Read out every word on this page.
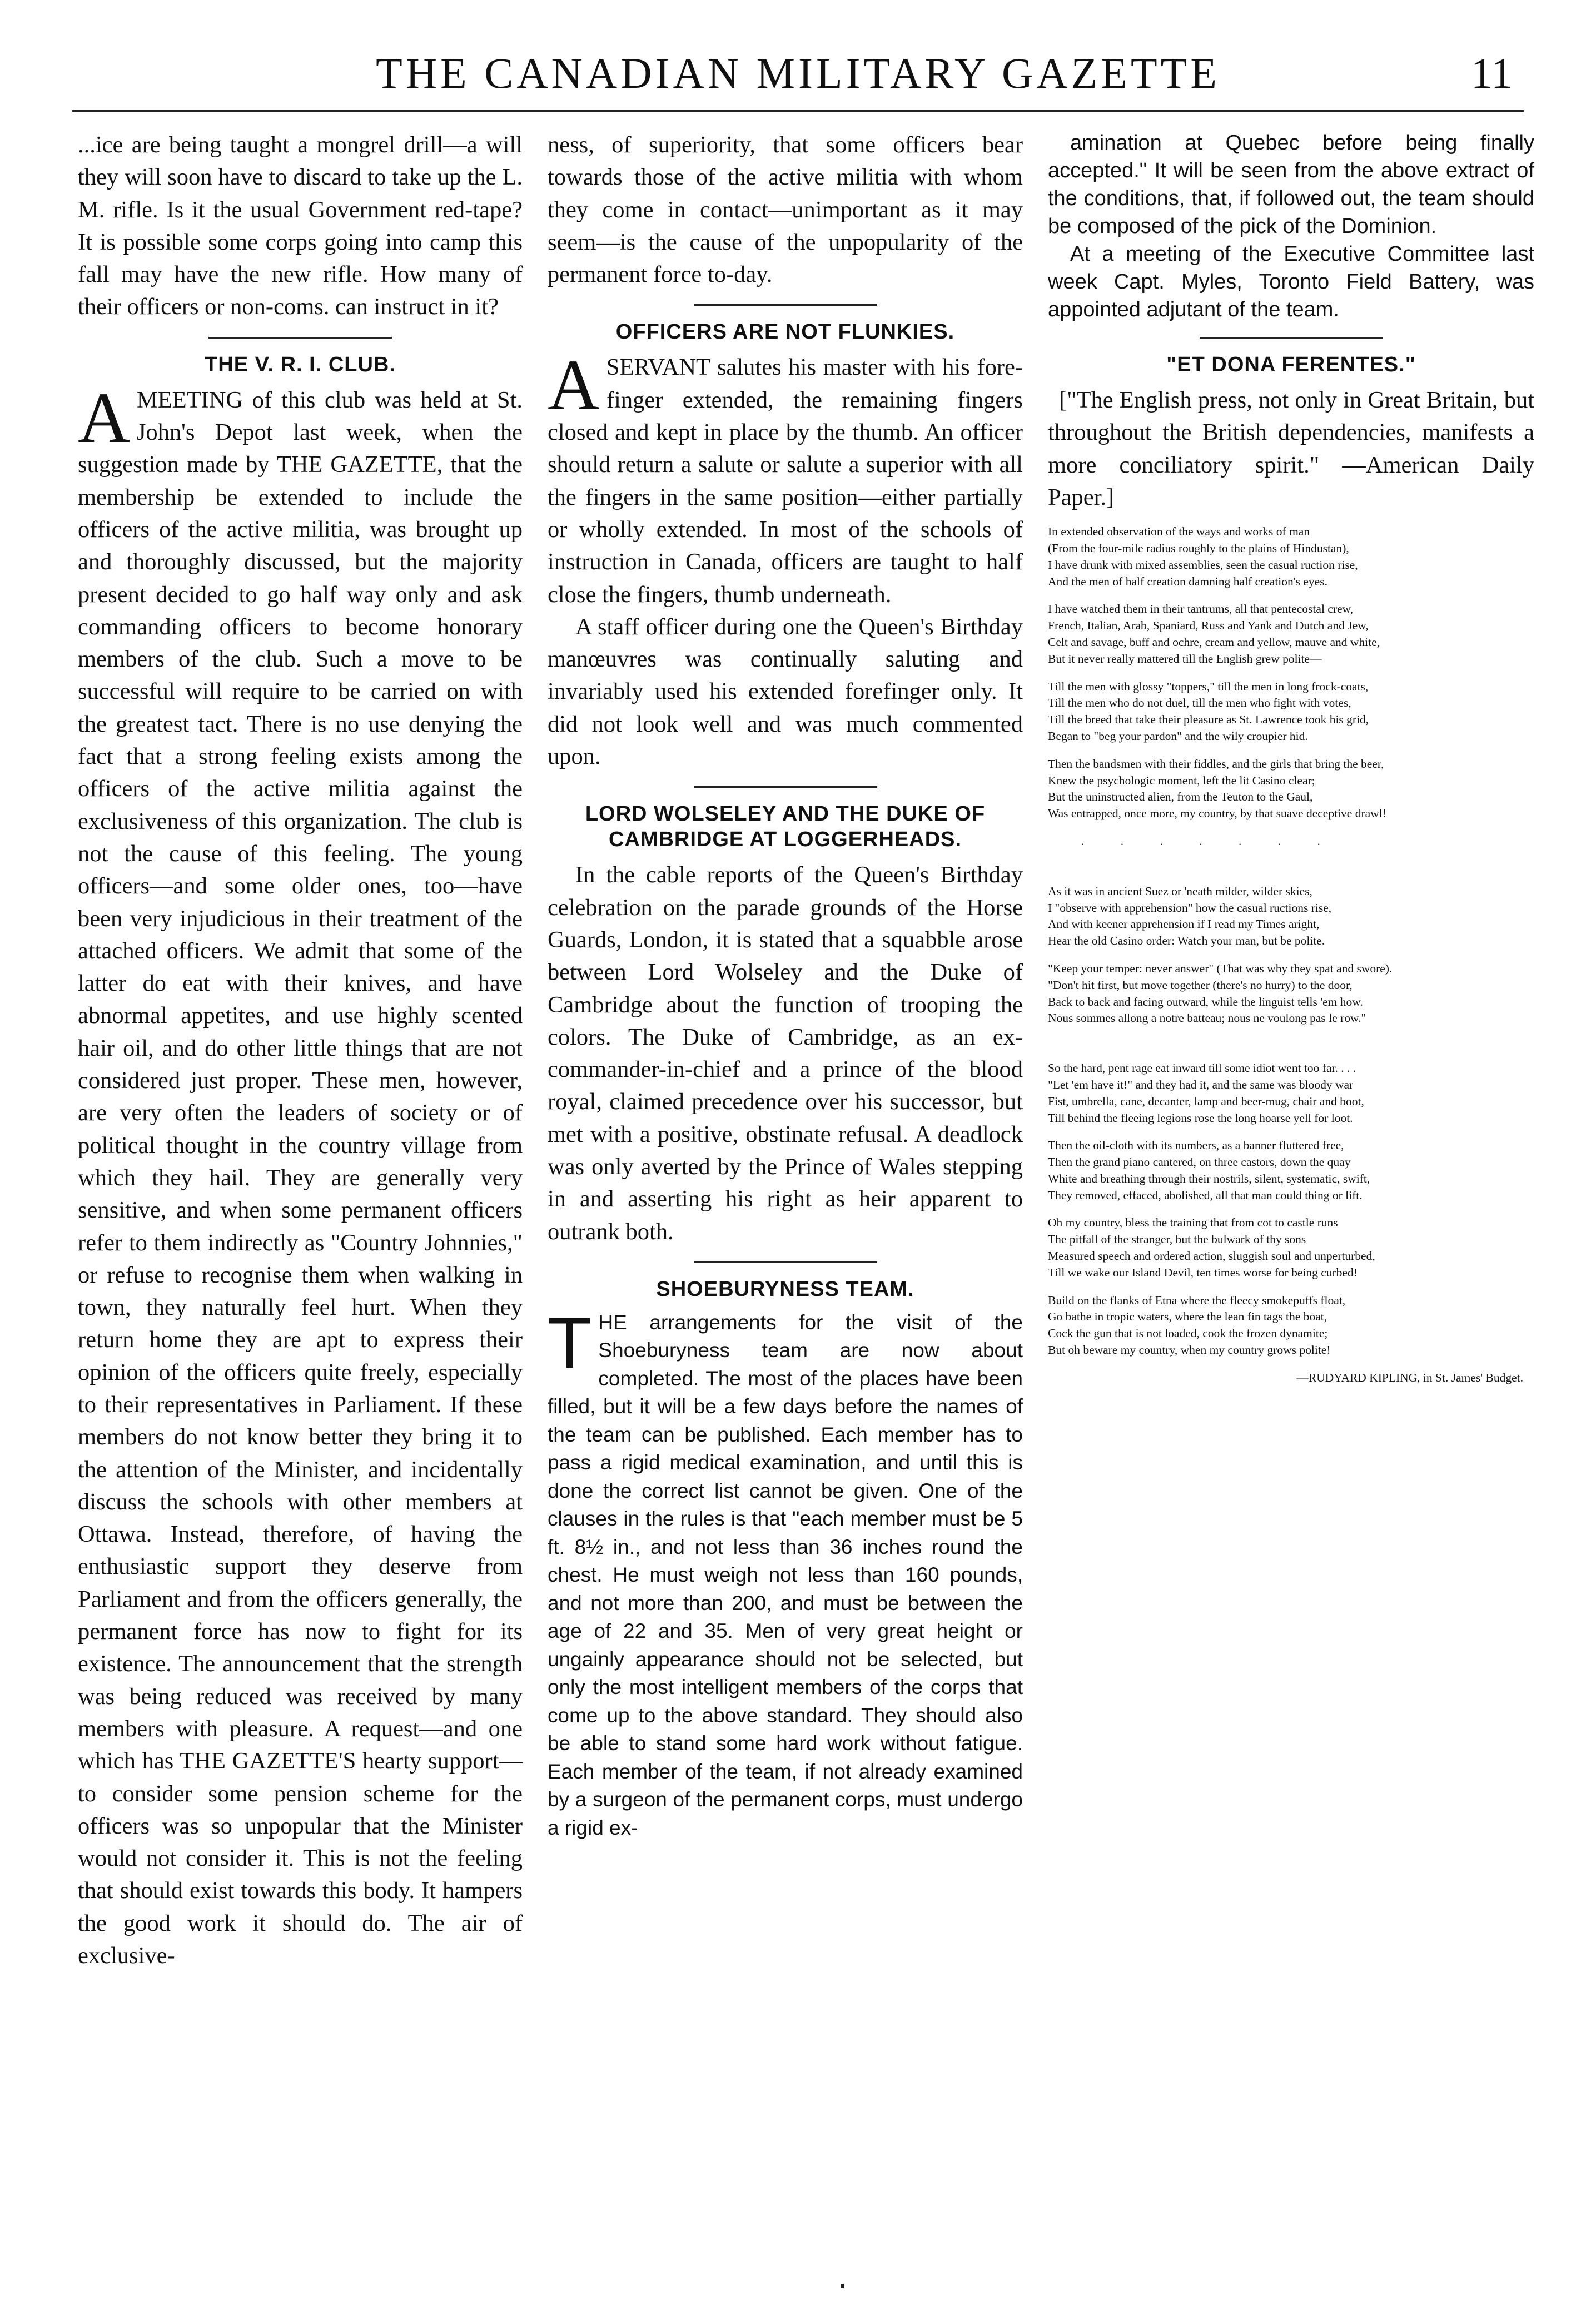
THE CANADIAN MILITARY GAZETTE	11

...ice are being taught a mongrel drill—a will they will soon have to discard to take up the L. M. rifle. Is it the usual Government red-tape? It is possible some corps going into camp this fall may have the new rifle. How many of their officers or non-coms. can instruct in it?

THE V. R. I. CLUB.

AMEETING of this club was held at St. John's Depot last week, when the suggestion made by THE GAZETTE, that the membership be extended to include the officers of the active militia, was brought up and thoroughly discussed, but the majority present decided to go half way only and ask commanding officers to become honorary members of the club. Such a move to be successful will require to be carried on with the greatest tact. There is no use denying the fact that a strong feeling exists among the officers of the active militia against the exclusiveness of this organization. The club is not the cause of this feeling. The young officers—and some older ones, too—have been very injudicious in their treatment of the attached officers. We admit that some of the latter do eat with their knives, and have abnormal appetites, and use highly scented hair oil, and do other little things that are not considered just proper. These men, however, are very often the leaders of society or of political thought in the country village from which they hail. They are generally very sensitive, and when some permanent officers refer to them indirectly as "Country Johnnies," or refuse to recognise them when walking in town, they naturally feel hurt. When they return home they are apt to express their opinion of the officers quite freely, especially to their representatives in Parliament. If these members do not know better they bring it to the attention of the Minister, and incidentally discuss the schools with other members at Ottawa. Instead, therefore, of having the enthusiastic support they deserve from Parliament and from the officers generally, the permanent force has now to fight for its existence. The announcement that the strength was being reduced was received by many members with pleasure. A request—and one which has THE GAZETTE'S hearty support—to consider some pension scheme for the officers was so unpopular that the Minister would not consider it. This is not the feeling that should exist towards this body. It hampers the good work it should do. The air of exclusive-

ness, of superiority, that some officers bear towards those of the active militia with whom they come in contact—unimportant as it may seem—is the cause of the unpopularity of the permanent force to-day.

OFFICERS ARE NOT FLUNKIES.

ASERVANT salutes his master with his fore-finger extended, the remaining fingers closed and kept in place by the thumb. An officer should return a salute or salute a superior with all the fingers in the same position—either partially or wholly extended. In most of the schools of instruction in Canada, officers are taught to half close the fingers, thumb underneath.

A staff officer during one the Queen's Birthday manœuvres was continually saluting and invariably used his extended forefinger only. It did not look well and was much commented upon.

LORD WOLSELEY AND THE DUKE OF CAMBRIDGE AT LOGGERHEADS.

In the cable reports of the Queen's Birthday celebration on the parade grounds of the Horse Guards, London, it is stated that a squabble arose between Lord Wolseley and the Duke of Cambridge about the function of trooping the colors. The Duke of Cambridge, as an ex-commander-in-chief and a prince of the blood royal, claimed precedence over his successor, but met with a positive, obstinate refusal. A deadlock was only averted by the Prince of Wales stepping in and asserting his right as heir apparent to outrank both.

SHOEBURYNESS TEAM.

THE arrangements for the visit of the Shoeburyness team are now about completed. The most of the places have been filled, but it will be a few days before the names of the team can be published. Each member has to pass a rigid medical examination, and until this is done the correct list cannot be given. One of the clauses in the rules is that "each member must be 5 ft. 8½ in., and not less than 36 inches round the chest. He must weigh not less than 160 pounds, and not more than 200, and must be between the age of 22 and 35. Men of very great height or ungainly appearance should not be selected, but only the most intelligent members of the corps that come up to the above standard. They should also be able to stand some hard work without fatigue. Each member of the team, if not already examined by a surgeon of the permanent corps, must undergo a rigid ex-

amination at Quebec before being finally accepted." It will be seen from the above extract of the conditions, that, if followed out, the team should be composed of the pick of the Dominion.

At a meeting of the Executive Committee last week Capt. Myles, Toronto Field Battery, was appointed adjutant of the team.

"ET DONA FERENTES."

["The English press, not only in Great Britain, but throughout the British dependencies, manifests a more conciliatory spirit." —American Daily Paper.]

In extended observation of the ways and works of man
(From the four-mile radius roughly to the plains of Hindustan),
I have drunk with mixed assemblies, seen the casual ruction rise,
And the men of half creation damning half creation's eyes.
I have watched them in their tantrums, all that pentecostal crew,
French, Italian, Arab, Spaniard, Russ and Yank and Dutch and Jew,
Celt and savage, buff and ochre, cream and yellow, mauve and white,
But it never really mattered till the English grew polite—
Till the men with glossy "toppers," till the men in long frock-coats,
Till the men who do not duel, till the men who fight with votes,
Till the breed that take their pleasure as St. Lawrence took his grid,
Began to "beg your pardon" and the wily croupier hid.
Then the bandsmen with their fiddles, and the girls that bring the beer,
Knew the psychologic moment, left the lit Casino clear;
But the uninstructed alien, from the Teuton to the Gaul,
Was entrapped, once more, my country, by that suave deceptive drawl!
. . . . . . .
As it was in ancient Suez or 'neath milder, wilder skies,
I "observe with apprehension" how the casual ructions rise,
And with keener apprehension if I read my Times aright,
Hear the old Casino order: Watch your man, but be polite.
"Keep your temper: never answer" (That was why they spat and swore).
"Don't hit first, but move together (there's no hurry) to the door,
Back to back and facing outward, while the linguist tells 'em how.
Nous sommes allong a notre batteau; nous ne voulong pas le row."
So the hard, pent rage eat inward till some idiot went too far. . . .
"Let 'em have it!" and they had it, and the same was bloody war
Fist, umbrella, cane, decanter, lamp and beer-mug, chair and boot,
Till behind the fleeing legions rose the long hoarse yell for loot.
Then the oil-cloth with its numbers, as a banner fluttered free,
Then the grand piano cantered, on three castors, down the quay
White and breathing through their nostrils, silent, systematic, swift,
They removed, effaced, abolished, all that man could thing or lift.
Oh my country, bless the training that from cot to castle runs
The pitfall of the stranger, but the bulwark of thy sons
Measured speech and ordered action, sluggish soul and unperturbed,
Till we wake our Island Devil, ten times worse for being curbed!
Build on the flanks of Etna where the fleecy smokepuffs float,
Go bathe in tropic waters, where the lean fin tags the boat,
Cock the gun that is not loaded, cook the frozen dynamite;
But oh beware my country, when my country grows polite!
—RUDYARD KIPLING, in St. James' Budget.
